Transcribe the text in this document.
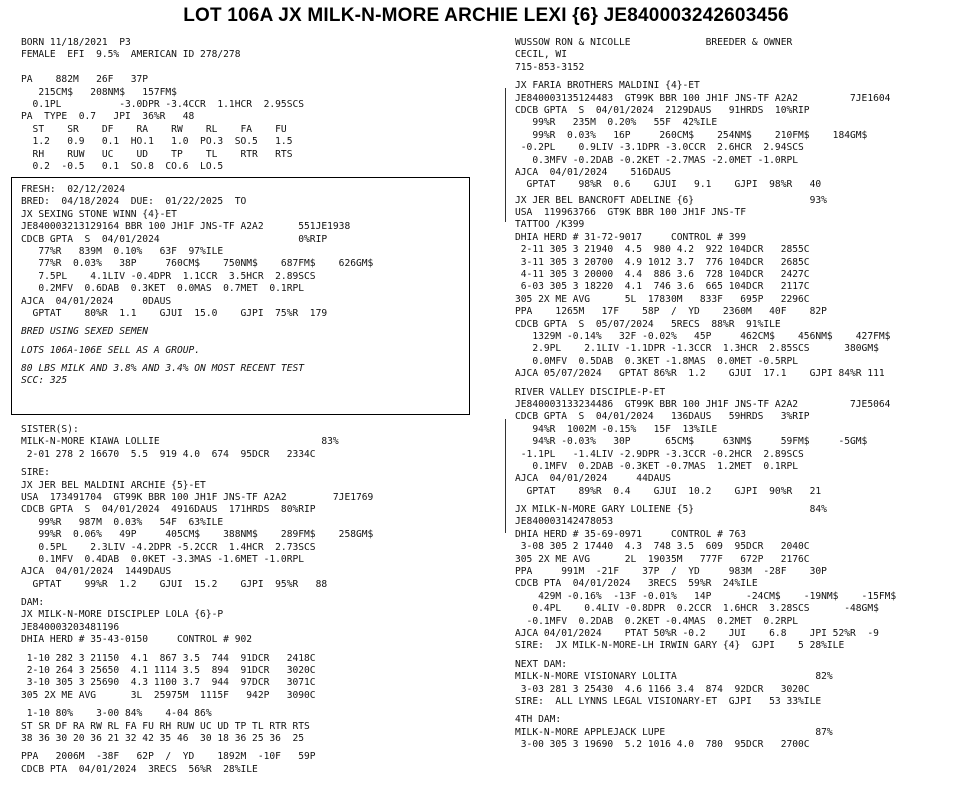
LOT 106A JX MILK-N-MORE ARCHIE LEXI {6} JE840003242603456
BORN 11/18/2021  P3
FEMALE  EFI  9.5%  AMERICAN ID 278/278

PA    882M   26F   37P
215CM$   208NM$   157FM$
0.1PL          -3.0DPR -3.4CCR  1.1HCR  2.95SCS
PA  TYPE  0.7   JPI  36%R   48
ST    SR    DF    RA    RW    RL    FA    FU
1.2   0.9   0.1  HO.1   1.0  PO.3  SO.5   1.5
RH    RUW   UC    UD    TP    TL    RTR   RTS
0.2  -0.5   0.1  SO.8  CO.6  LO.5
FRESH:  02/12/2024
BRED:  04/18/2024  DUE:  01/22/2025  TO
JX SEXING STONE WINN {4}-ET
JE840003213129164 BBR 100 JH1F JNS-TF A2A2      551JE1938
CDCB GPTA  S  04/01/2024                        0%RIP
77%R   839M  0.10%   63F  97%ILE
77%R  0.03%   38P     760CM$    750NM$    687FM$    626GM$
7.5PL    4.1LIV -0.4DPR  1.1CCR  3.5HCR  2.89SCS
0.2MFV  0.6DAB  0.3KET  0.0MAS  0.7MET  0.1RPL
AJCA  04/01/2024     0DAUS
GPTAT    80%R  1.1    GJUI  15.0    GJPI  75%R  179
BRED USING SEXED SEMEN
LOTS 106A-106E SELL AS A GROUP.
80 LBS MILK AND 3.8% AND 3.4% ON MOST RECENT TEST
SCC: 325
SISTER(S):
MILK-N-MORE KIAWA LOLLIE                            83%
2-01 278 2 16670  5.5  919 4.0  674  95DCR   2334C
SIRE:
JX JER BEL MALDINI ARCHIE {5}-ET
USA  173491704  GT99K BBR 100 JH1F JNS-TF A2A2        7JE1769
CDCB GPTA  S  04/01/2024  4916DAUS  171HRDS  80%RIP
99%R   987M  0.03%   54F  63%ILE
99%R  0.06%   49P     405CM$    388NM$    289FM$    258GM$
0.5PL    2.3LIV -4.2DPR -5.2CCR  1.4HCR  2.73SCS
0.1MFV  0.4DAB  0.0KET -3.3MAS -1.6MET -1.0RPL
AJCA  04/01/2024  1449DAUS
GPTAT    99%R  1.2    GJUI  15.2    GJPI  95%R   88
DAM:
JX MILK-N-MORE DISCIPLEP LOLA {6}-P
JE840003203481196
DHIA HERD # 35-43-0150     CONTROL # 902
1-10 282 3 21150  4.1  867 3.5  744  91DCR   2418C
2-10 264 3 25650  4.1 1114 3.5  894  91DCR   3020C
3-10 305 3 25690  4.3 1100 3.7  944  97DCR   3071C
305 2X ME AVG      3L  25975M  1115F   942P   3090C
1-10 80%    3-00 84%    4-04 86%
ST SR DF RA RW RL FA FU RH RUW UC UD TP TL RTR RTS
38 36 30 20 36 21 32 42 35 46  30 18 36 25 36  25
PPA   2006M  -38F   62P  /  YD    1892M  -10F   59P
CDCB PTA  04/01/2024  3RECS  56%R  28%ILE
WUSSOW RON & NICOLLE             BREEDER & OWNER
CECIL, WI
715-853-3152
JX FARIA BROTHERS MALDINI {4}-ET
JE840003135124483  GT99K BBR 100 JH1F JNS-TF A2A2         7JE1604
CDCB GPTA  S  04/01/2024  2129DAUS   91HRDS  10%RIP
99%R   235M  0.20%   55F  42%ILE
99%R  0.03%   16P     260CM$    254NM$    210FM$    184GM$
-0.2PL    0.9LIV -3.1DPR -3.0CCR  2.6HCR  2.94SCS
0.3MFV -0.2DAB -0.2KET -2.7MAS -2.0MET -1.0RPL
AJCA  04/01/2024    516DAUS
GPTAT    98%R  0.6    GJUI   9.1    GJPI  98%R   40
JX JER BEL BANCROFT ADELINE {6}                    93%
USA  119963766  GT9K BBR 100 JH1F JNS-TF
TATTOO /K399
DHIA HERD # 31-72-9017     CONTROL # 399
2-11 305 3 21940  4.5  980 4.2  922 104DCR   2855C
3-11 305 3 20700  4.9 1012 3.7  776 104DCR   2685C
4-11 305 3 20000  4.4  886 3.6  728 104DCR   2427C
6-03 305 3 18220  4.1  746 3.6  665 104DCR   2117C
305 2X ME AVG      5L  17830M   833F   695P   2296C
PPA    1265M   17F    58P  /  YD    2360M   40F    82P
CDCB GPTA  S  05/07/2024   5RECS  88%R  91%ILE
1329M -0.14%   32F -0.02%   45P     462CM$    456NM$    427FM$
2.9PL    2.1LIV -1.1DPR -1.3CCR  1.3HCR  2.85SCS      380GM$
0.0MFV  0.5DAB  0.3KET -1.8MAS  0.0MET -0.5RPL
AJCA 05/07/2024   GPTAT 86%R  1.2    GJUI  17.1    GJPI 84%R 111
RIVER VALLEY DISCIPLE-P-ET
JE840003133234486  GT99K BBR 100 JH1F JNS-TF A2A2         7JE5064
CDCB GPTA  S  04/01/2024   136DAUS   59HRDS   3%RIP
94%R  1002M -0.15%   15F  13%ILE
94%R -0.03%   30P      65CM$     63NM$     59FM$     -5GM$
-1.1PL   -1.4LIV -2.9DPR -3.3CCR -0.2HCR  2.89SCS
0.1MFV  0.2DAB -0.3KET -0.7MAS  1.2MET  0.1RPL
AJCA  04/01/2024     44DAUS
GPTAT    89%R  0.4    GJUI  10.2    GJPI  90%R   21
JX MILK-N-MORE GARY LOLIENE {5}                    84%
JE840003142478053
DHIA HERD # 35-69-0971     CONTROL # 763
3-08 305 2 17440  4.3  748 3.5  609  95DCR   2040C
305 2X ME AVG      2L  19035M   777F   672P   2176C
PPA     991M  -21F    37P  /  YD     983M  -28F    30P
CDCB PTA  04/01/2024   3RECS  59%R  24%ILE
429M -0.16%  -13F -0.01%   14P      -24CM$    -19NM$    -15FM$
0.4PL    0.4LIV -0.8DPR  0.2CCR  1.6HCR  3.28SCS      -48GM$
-0.1MFV  0.2DAB  0.2KET -0.4MAS  0.2MET  0.2RPL
AJCA 04/01/2024    PTAT 50%R -0.2    JUI    6.8    JPI 52%R  -9
SIRE:  JX MILK-N-MORE-LH IRWIN GARY {4}  GJPI    5 28%ILE
NEXT DAM:
MILK-N-MORE VISIONARY LOLITA                        82%
3-03 281 3 25430  4.6 1166 3.4  874  92DCR   3020C
SIRE:  ALL LYNNS LEGAL VISIONARY-ET  GJPI   53 33%ILE
4TH DAM:
MILK-N-MORE APPLEJACK LUPE                          87%
3-00 305 3 19690  5.2 1016 4.0  780  95DCR   2700C
